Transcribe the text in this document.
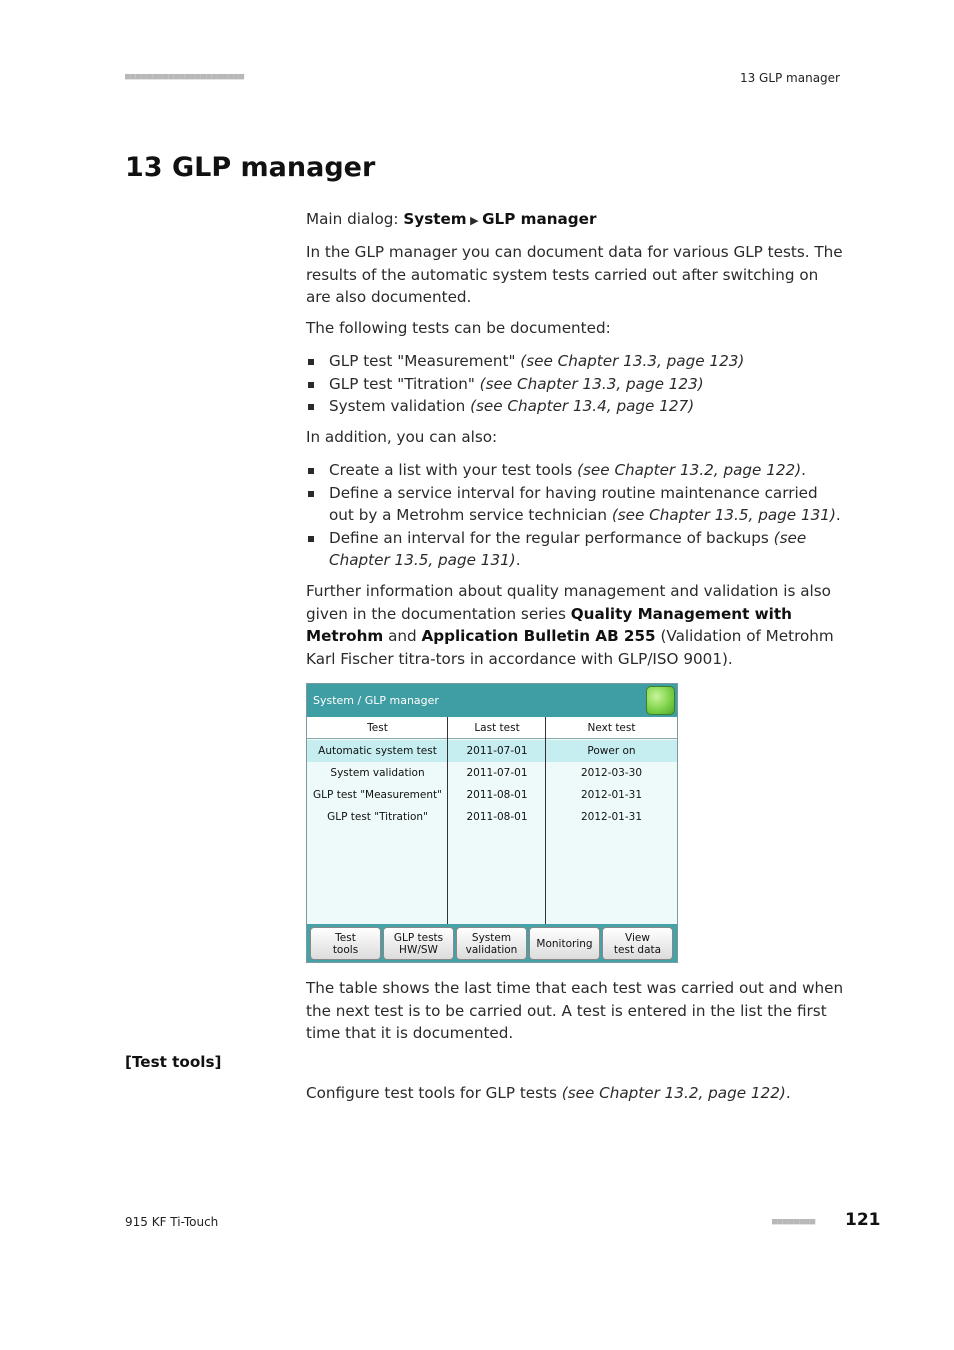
■■■■■■■■■■■■■■■■■■■■■■	13 GLP manager
13 GLP manager
Main dialog: System ▶ GLP manager

In the GLP manager you can document data for various GLP tests. The results of the automatic system tests carried out after switching on are also documented.

The following tests can be documented:

GLP test "Measurement" (see Chapter 13.3, page 123)
GLP test "Titration" (see Chapter 13.3, page 123)
System validation (see Chapter 13.4, page 127)

In addition, you can also:

Create a list with your test tools (see Chapter 13.2, page 122).
Define a service interval for having routine maintenance carried out by a Metrohm service technician (see Chapter 13.5, page 131).
Define an interval for the regular performance of backups (see Chapter 13.5, page 131).

Further information about quality management and validation is also given in the documentation series Quality Management with Metrohm and Application Bulletin AB 255 (Validation of Metrohm Karl Fischer titra-tors in accordance with GLP/ISO 9001).

System / GLP manager
Test	Last test	Next test
Automatic system test	2011-07-01	Power on
System validation	2011-07-01	2012-03-30
GLP test "Measurement"	2011-08-01	2012-01-31
GLP test "Titration"	2011-08-01	2012-01-31
Test
tools
GLP tests
HW/SW
System
validation Monitoring	View
test data

The table shows the last time that each test was carried out and when the next test is to be carried out. A test is entered in the list the first time that it is documented.

[Test tools]

Configure test tools for GLP tests (see Chapter 13.2, page 122).

915 KF Ti-Touch	■■■■■■■■ 121
